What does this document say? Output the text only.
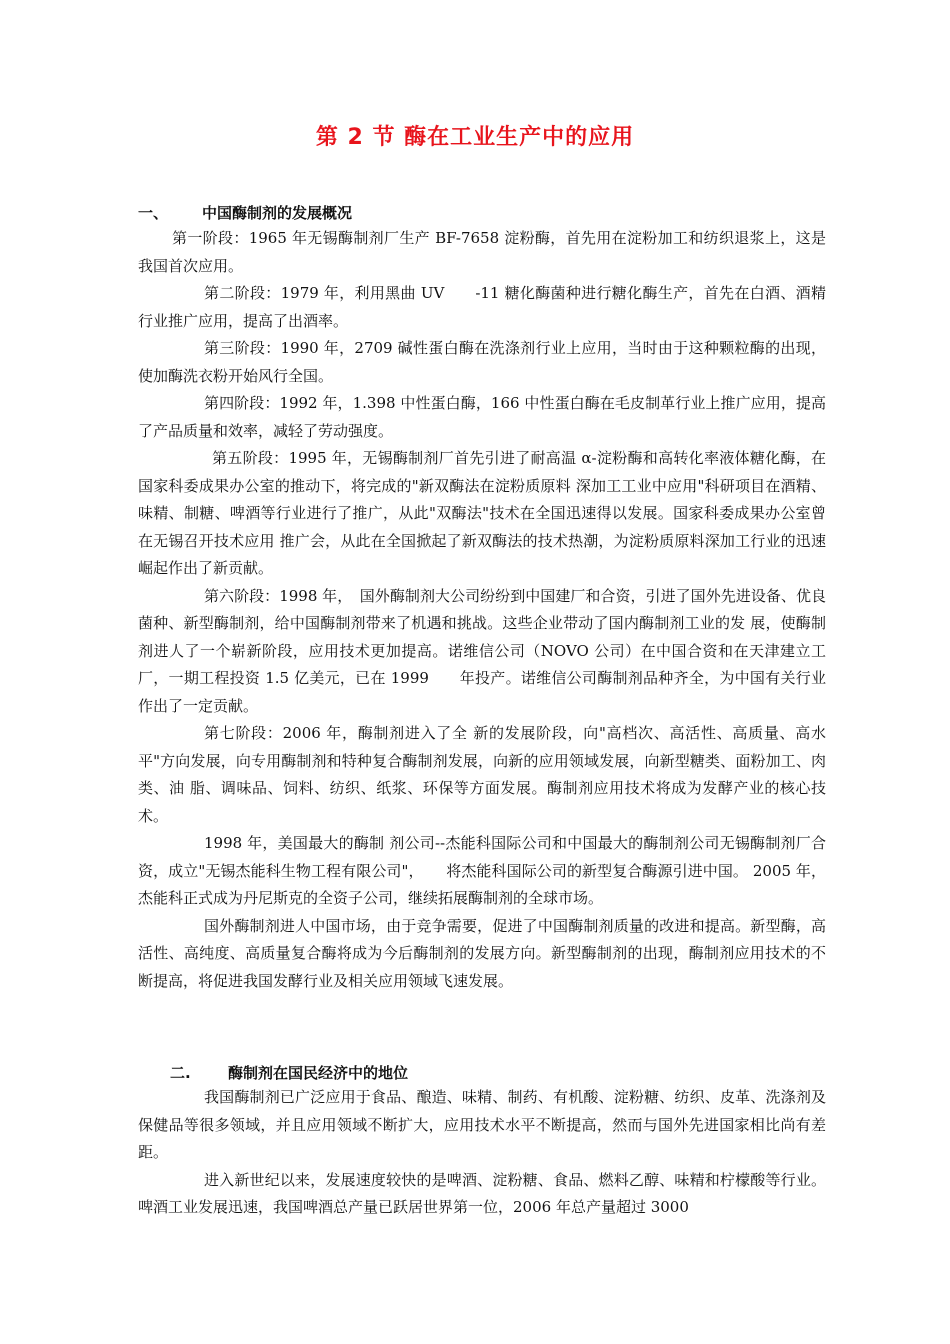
第 2 节 酶在工业生产中的应用
一、 中国酶制剂的发展概况

第一阶段：1965 年无锡酶制剂厂生产 BF-7658 淀粉酶，首先用在淀粉加工和纺织退浆上，这是我国首次应用。

第二阶段：1979 年，利用黑曲 UV　　-11 糖化酶菌种进行糖化酶生产，首先在白酒、酒精行业推广应用，提高了出酒率。

第三阶段：1990 年，2709 碱性蛋白酶在洗涤剂行业上应用，当时由于这种颗粒酶的出现，使加酶洗衣粉开始风行全国。

第四阶段：1992 年，1.398 中性蛋白酶，166 中性蛋白酶在毛皮制革行业上推广应用，提高了产品质量和效率，减轻了劳动强度。

第五阶段：1995 年，无锡酶制剂厂首先引进了耐高温 α-淀粉酶和高转化率液体糖化酶，在国家科委成果办公室的推动下，将完成的"新双酶法在淀粉质原料 深加工工业中应用"科研项目在酒精、味精、制糖、啤酒等行业进行了推广，从此"双酶法"技术在全国迅速得以发展。国家科委成果办公室曾在无锡召开技术应用 推广会，从此在全国掀起了新双酶法的技术热潮，为淀粉质原料深加工行业的迅速崛起作出了新贡献。

第六阶段：1998 年，　国外酶制剂大公司纷纷到中国建厂和合资，引进了国外先进设备、优良菌种、新型酶制剂，给中国酶制剂带来了机遇和挑战。这些企业带动了国内酶制剂工业的发 展，使酶制剂进人了一个崭新阶段，应用技术更加提高。诺维信公司（NOVO 公司）在中国合资和在天津建立工厂，一期工程投资 1.5 亿美元，已在 1999　　年投产。诺维信公司酶制剂品种齐全，为中国有关行业作出了一定贡献。

第七阶段：2006 年，酶制剂进入了全 新的发展阶段，向"高档次、高活性、高质量、高水平"方向发展，向专用酶制剂和特种复合酶制剂发展，向新的应用领域发展，向新型糖类、面粉加工、肉类、油 脂、调味品、饲料、纺织、纸浆、环保等方面发展。酶制剂应用技术将成为发酵产业的核心技术。

1998 年，美国最大的酶制 剂公司--杰能科国际公司和中国最大的酶制剂公司无锡酶制剂厂合资，成立"无锡杰能科生物工程有限公司"，　　将杰能科国际公司的新型复合酶源引进中国。 2005 年，杰能科正式成为丹尼斯克的全资子公司，继续拓展酶制剂的全球市场。

国外酶制剂进人中国市场，由于竞争需要，促进了中国酶制剂质量的改进和提高。新型酶，高活性、高纯度、高质量复合酶将成为今后酶制剂的发展方向。新型酶制剂的出现，酶制剂应用技术的不断提高，将促进我国发酵行业及相关应用领域飞速发展。

二. 酶制剂在国民经济中的地位

我国酶制剂已广泛应用于食品、酿造、味精、制药、有机酸、淀粉糖、纺织、皮革、洗涤剂及保健品等很多领域，并且应用领域不断扩大，应用技术水平不断提高，然而与国外先进国家相比尚有差距。

进入新世纪以来，发展速度较快的是啤酒、淀粉糖、食品、燃料乙醇、味精和柠檬酸等行业。啤酒工业发展迅速，我国啤酒总产量已跃居世界第一位，2006 年总产量超过 3000
